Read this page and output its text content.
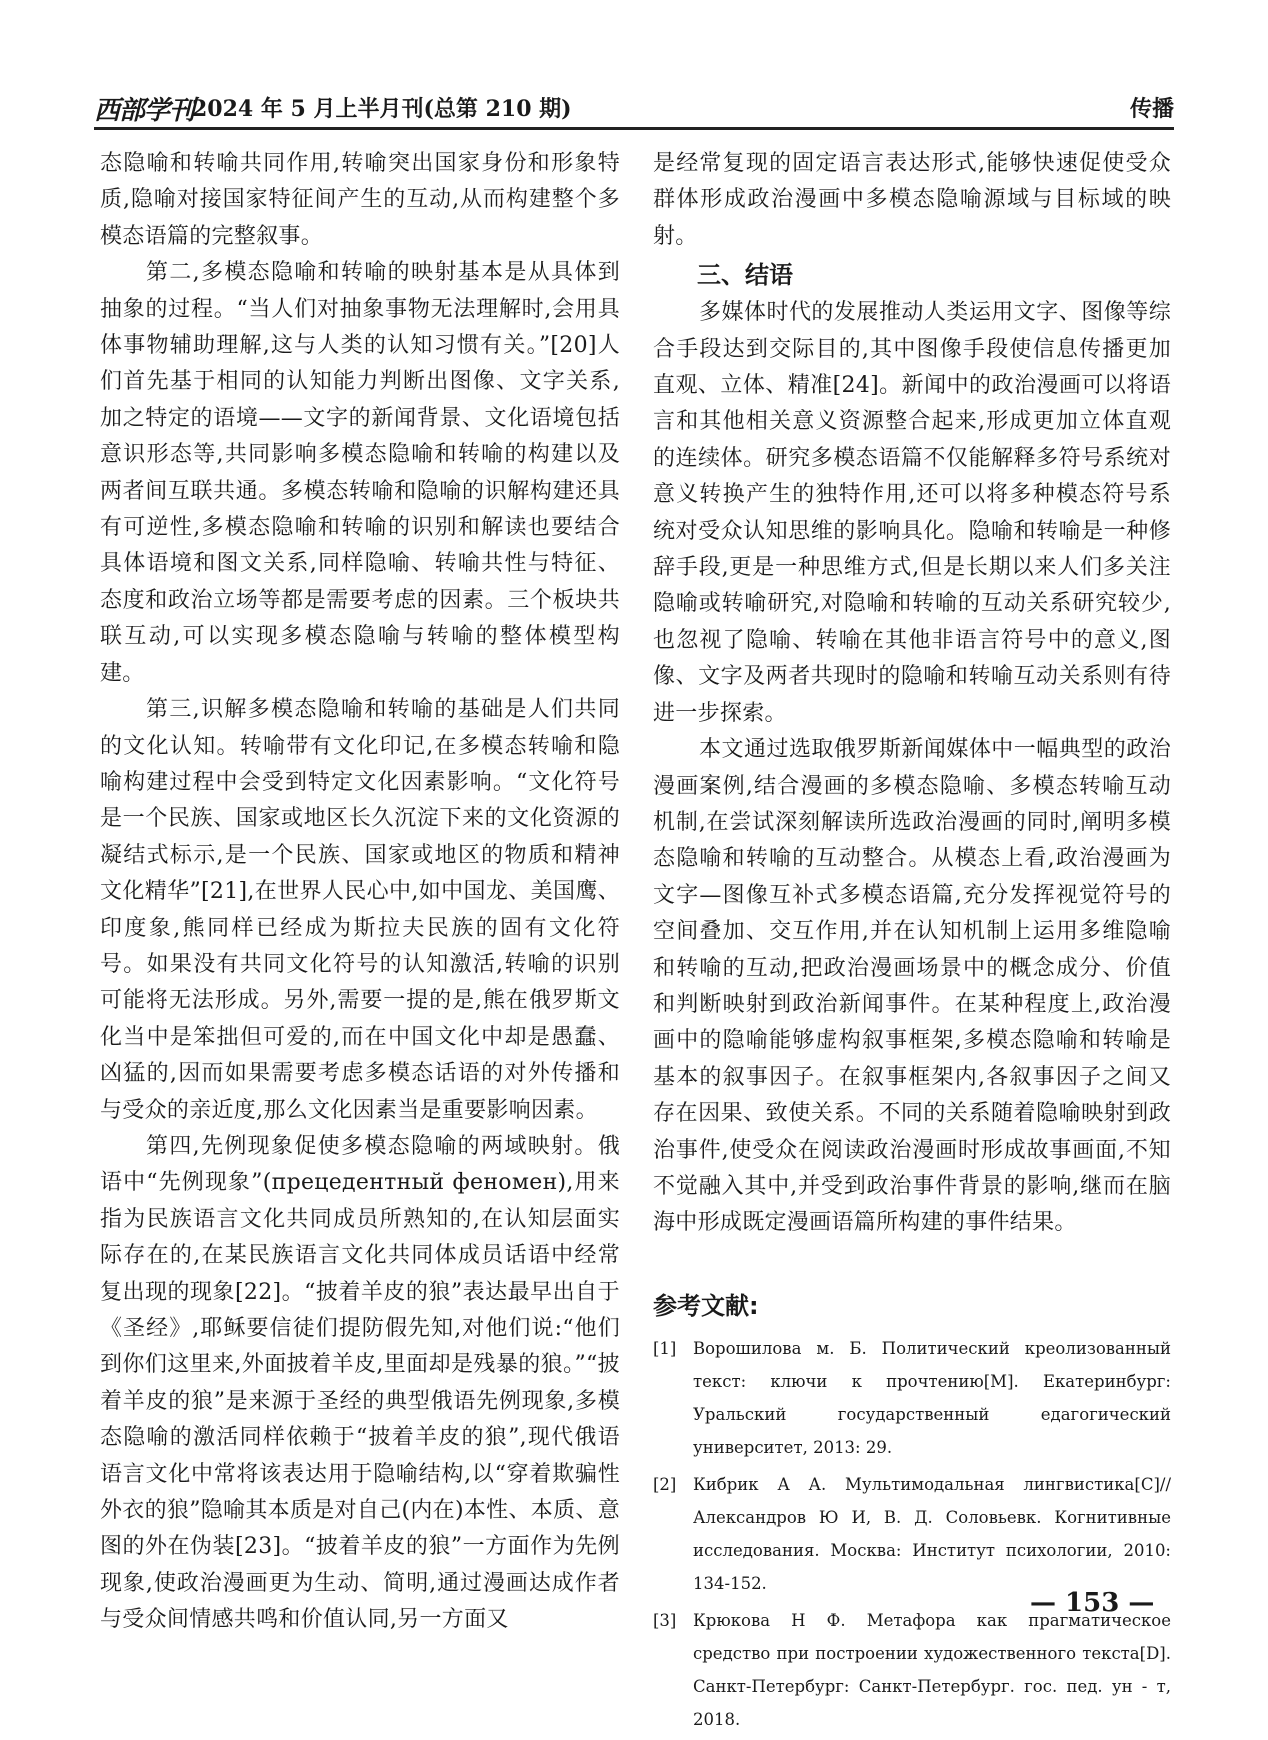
西部学刊
2024 年 5 月上半月刊(总第 210 期)	传播

态隐喻和转喻共同作用,转喻突出国家身份和形象特质,隐喻对接国家特征间产生的互动,从而构建整个多模态语篇的完整叙事。

第二,多模态隐喻和转喻的映射基本是从具体到抽象的过程。“当人们对抽象事物无法理解时,会用具体事物辅助理解,这与人类的认知习惯有关。”[20]人们首先基于相同的认知能力判断出图像、文字关系,加之特定的语境——文字的新闻背景、文化语境包括意识形态等,共同影响多模态隐喻和转喻的构建以及两者间互联共通。多模态转喻和隐喻的识解构建还具有可逆性,多模态隐喻和转喻的识别和解读也要结合具体语境和图文关系,同样隐喻、转喻共性与特征、态度和政治立场等都是需要考虑的因素。三个板块共联互动,可以实现多模态隐喻与转喻的整体模型构建。

第三,识解多模态隐喻和转喻的基础是人们共同的文化认知。转喻带有文化印记,在多模态转喻和隐喻构建过程中会受到特定文化因素影响。“文化符号是一个民族、国家或地区长久沉淀下来的文化资源的凝结式标示,是一个民族、国家或地区的物质和精神文化精华”[21],在世界人民心中,如中国龙、美国鹰、印度象,熊同样已经成为斯拉夫民族的固有文化符号。如果没有共同文化符号的认知激活,转喻的识别可能将无法形成。另外,需要一提的是,熊在俄罗斯文化当中是笨拙但可爱的,而在中国文化中却是愚蠢、凶猛的,因而如果需要考虑多模态话语的对外传播和与受众的亲近度,那么文化因素当是重要影响因素。

第四,先例现象促使多模态隐喻的两域映射。俄语中“先例现象”(прецедентный феномен),用来指为民族语言文化共同成员所熟知的,在认知层面实际存在的,在某民族语言文化共同体成员话语中经常复出现的现象[22]。“披着羊皮的狼”表达最早出自于《圣经》,耶稣要信徒们提防假先知,对他们说:“他们到你们这里来,外面披着羊皮,里面却是残暴的狼。”“披着羊皮的狼”是来源于圣经的典型俄语先例现象,多模态隐喻的激活同样依赖于“披着羊皮的狼”,现代俄语语言文化中常将该表达用于隐喻结构,以“穿着欺骗性外衣的狼”隐喻其本质是对自己(内在)本性、本质、意图的外在伪装[23]。“披着羊皮的狼”一方面作为先例现象,使政治漫画更为生动、简明,通过漫画达成作者与受众间情感共鸣和价值认同,另一方面又

是经常复现的固定语言表达形式,能够快速促使受众群体形成政治漫画中多模态隐喻源域与目标域的映射。

三、结语

多媒体时代的发展推动人类运用文字、图像等综合手段达到交际目的,其中图像手段使信息传播更加直观、立体、精准[24]。新闻中的政治漫画可以将语言和其他相关意义资源整合起来,形成更加立体直观的连续体。研究多模态语篇不仅能解释多符号系统对意义转换产生的独特作用,还可以将多种模态符号系统对受众认知思维的影响具化。隐喻和转喻是一种修辞手段,更是一种思维方式,但是长期以来人们多关注隐喻或转喻研究,对隐喻和转喻的互动关系研究较少,也忽视了隐喻、转喻在其他非语言符号中的意义,图像、文字及两者共现时的隐喻和转喻互动关系则有待进一步探索。

本文通过选取俄罗斯新闻媒体中一幅典型的政治漫画案例,结合漫画的多模态隐喻、多模态转喻互动机制,在尝试深刻解读所选政治漫画的同时,阐明多模态隐喻和转喻的互动整合。从模态上看,政治漫画为文字—图像互补式多模态语篇,充分发挥视觉符号的空间叠加、交互作用,并在认知机制上运用多维隐喻和转喻的互动,把政治漫画场景中的概念成分、价值和判断映射到政治新闻事件。在某种程度上,政治漫画中的隐喻能够虚构叙事框架,多模态隐喻和转喻是基本的叙事因子。在叙事框架内,各叙事因子之间又存在因果、致使关系。不同的关系随着隐喻映射到政治事件,使受众在阅读政治漫画时形成故事画面,不知不觉融入其中,并受到政治事件背景的影响,继而在脑海中形成既定漫画语篇所构建的事件结果。

参考文献:
[1] Ворошилова м. Б. Политический креолизованный текст: ключи к прочтению[М]. Екатеринбург: Уральский государственный едагогический университет, 2013: 29.
[2] Кибрик А А. Мультимодальная лингвистика[С]//Александров Ю И, В. Д. Соловьевк. Когнитивные исследования. Москва: Институт психологии, 2010: 134-152.
[3] Крюкова Н Ф. Метафора как прагматическое средство при построении художественного текста[D]. Санкт-Петербург: Санкт-Петербург. гос. пед. ун - т, 2018.
— 153 —
